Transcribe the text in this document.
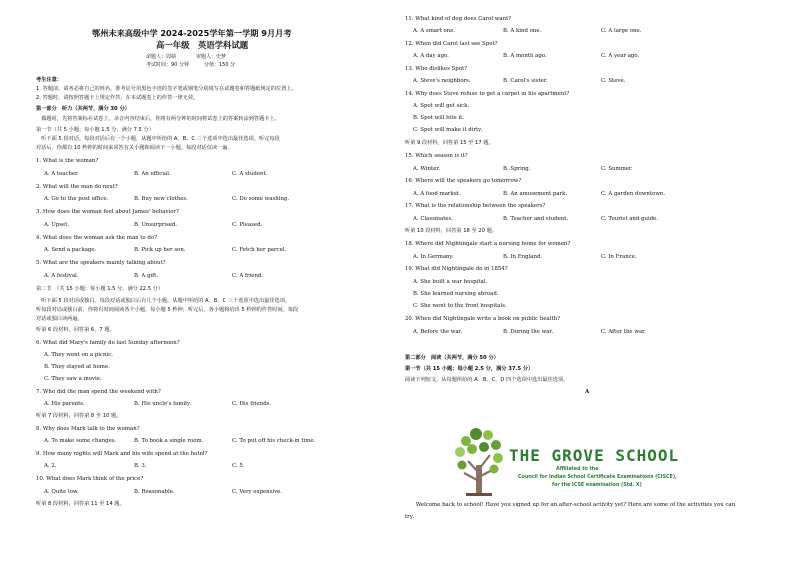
鄂州未来高级中学 2024-2025学年第一学期 9月月考
高一年级　英语学科试题
命题人：周婧　　　　审题人：史梦
考试时间：90 分钟　　　分值：150 分
考生注意：
1. 答题前，请务必将自己的姓名、准考证号用黑色字迹的签字笔或钢笔分别填写在试题卷和答题纸规定的位置上。
2. 答题时，请按照答题卡上规定作答，在本试题卷上的作答一律无效。
第一部分　听力（共两节，满分 30 分）
　做题时，先将答案标在试卷上。录音内容结束后，你将有两分钟的时间将试卷上的答案转涂到答题卡上。
第一节（共 5 小题；每小题 1.5 分，满分 7.5 分）
　听下面 5 段对话。每段对话后有一个小题，从题中所给的 A、B、C 三个选项中选出最佳选项。听完每段
对话后，你都有 10 秒钟的时间来回答有关小题和阅读下一小题。每段对话仅读一遍。
1. What is the woman?
A. A teacher.	B. An official.	C. A student.
2. What will the man do next?
A. Go to the post office.	B. Buy new clothes.	C. Do some washing.
3. How does the woman feel about James' behavior?
A. Upset.	B. Unsurprised.	C. Pleased.
4. What does the woman ask the man to do?
A. Send a package.	B. Pick up her son.	C. Fetch her parcel.
5. What are the speakers mainly talking about?
A. A festival.	B. A gift.	C. A friend.
第二节　（共 15 小题；每小题 1.5 分，满分 22.5 分）
　听下面 5 段对话或独白。每段对话或独白后有几个小题，从题中所给的 A、B、C 三个选项中选出最佳选项。
听每段对话或独白前，你将有时间阅读各个小题，每小题 5 秒钟；听完后，各小题将给出 5 秒钟的作答时间。每段
对话或独白读两遍。
听第 6 段材料，回答第 6、7 题。
6. What did Mary's family do last Sunday afternoon?
A. They went on a picnic.
B. They stayed at home.
C. They saw a movie.
7. Who did the man spend the weekend with?
A. His parents.	B. His uncle's family.	C. His friends.
听第 7 段材料，回答第 8 至 10 题。
8. Why does Mark talk to the woman?
A. To make some changes.	B. To book a single room.	C. To put off his check-in time.
9. How many nights will Mark and his wife spend at the hotel?
A. 2.	B. 3.	C. 5.
10. What does Mark think of the price?
A. Quite low.	B. Reasonable.	C. Very expensive.
听第 8 段材料，回答第 11 至 14 题。
11. What kind of dog does Carol want?
A. A smart one.	B. A kind one.	C. A large one.
12. When did Carol last see Spot?
A. A day ago.	B. A month ago.	C. A year ago.
13. Who dislikes Spot?
A. Steve's neighbors.	B. Carol's sister.	C. Steve.
14. Why does Steve refuse to get a carpet in his apartment?
A. Spot will get sick.
B. Spot will bite it.
C. Spot will make it dirty.
听第 9 段材料，回答第 15 至 17 题。
15. Which season is it?
A. Winter.	B. Spring.	C. Summer.
16. Where will the speakers go tomorrow?
A. A food market.	B. An amusement park.	C. A garden downtown.
17. What is the relationship between the speakers?
A. Classmates.	B. Teacher and student.	C. Tourist and guide.
听第 10 段材料，回答第 18 至 20 题。
18. Where did Nightingale start a nursing home for women?
A. In Germany.	B. In England.	C. In France.
19. What did Nightingale do in 1854?
A. She built a war hospital.
B. She learned nursing abroad.
C. She went to the front hospitals.
20. When did Nightingale write a book on public health?
A. Before the war.	B. During the war.	C. After the war.
第二部分　阅读（共两节，满分 50 分）
第一节（共 15 小题；每小题 2.5 分，满分 37.5 分）
阅读下列短文，从每题所给的 A、B、C、D 四个选项中选出最佳选项。
A
THE GROVE SCHOOL
Affiliated to the
Council for Indian School Certificate Examinations (CISCE),
for the ICSE examination (Std. X)
　　Welcome back to school! Have you signed up for an after-school activity yet? Here are some of the activities you can
try.
